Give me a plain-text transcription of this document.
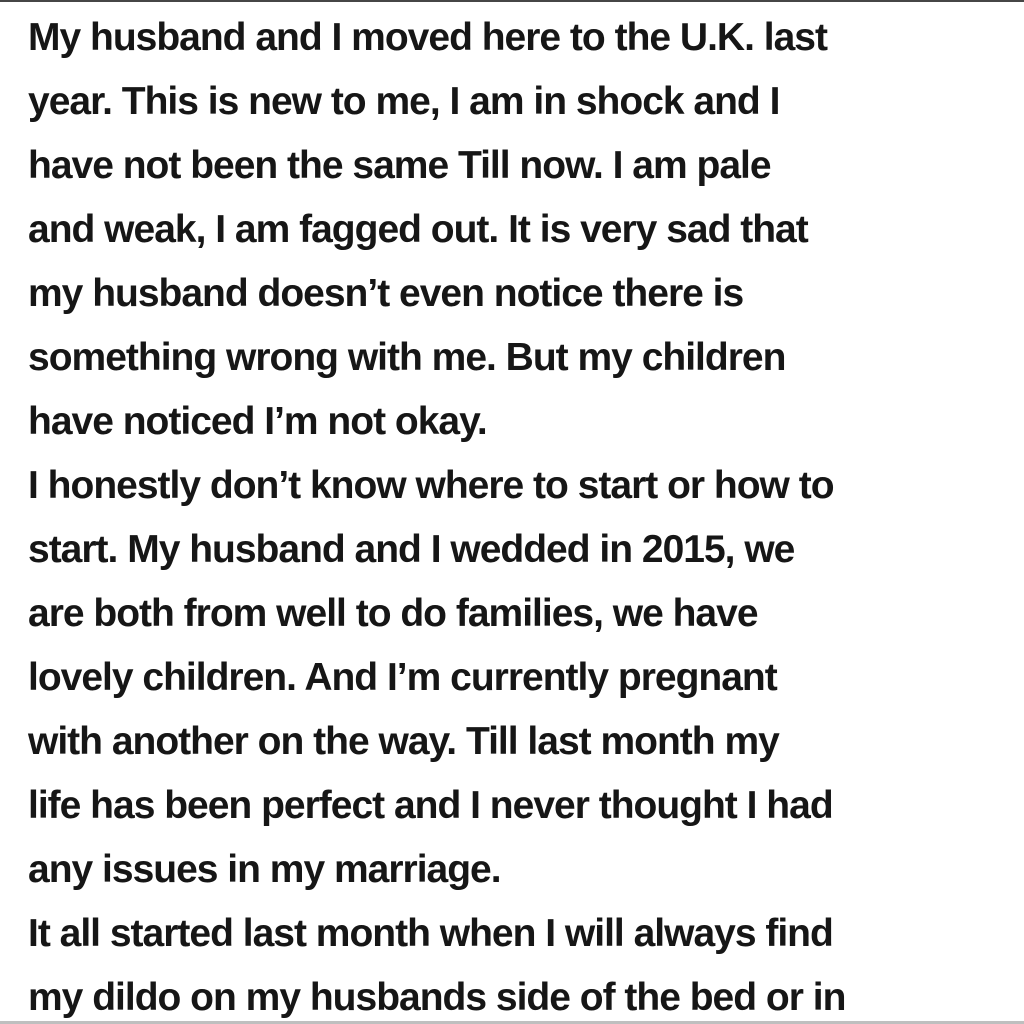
My husband and I moved here to the U.K. last
year. This is new to me, I am in shock and I
have not been the same Till now. I am pale
and weak, I am fagged out. It is very sad that
my husband doesn’t even notice there is
something wrong with me. But my children
have noticed I’m not okay.
I honestly don’t know where to start or how to
start. My husband and I wedded in 2015, we
are both from well to do families, we have
lovely children. And I’m currently pregnant
with another on the way. Till last month my
life has been perfect and I never thought I had
any issues in my marriage.
It all started last month when I will always find
my dildo on my husbands side of the bed or in
